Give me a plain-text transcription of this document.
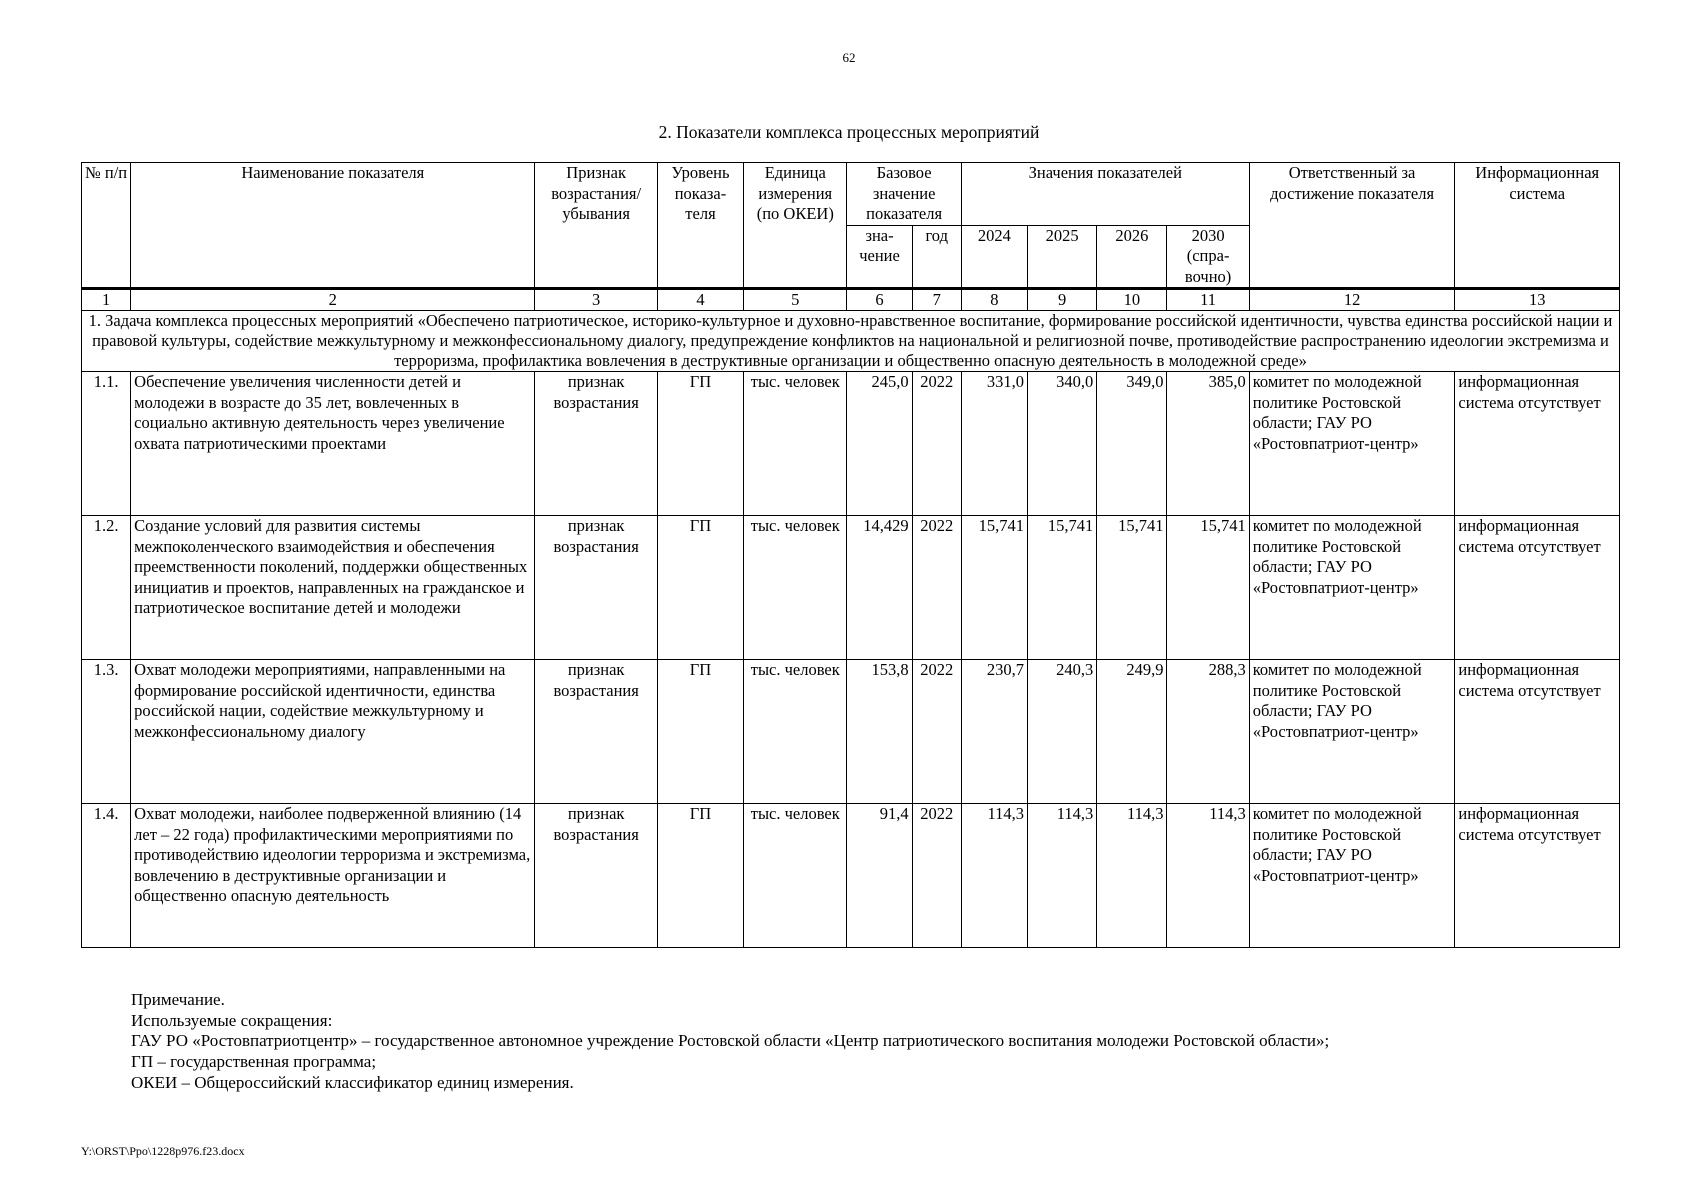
62
2. Показатели комплекса процессных мероприятий
№ п/п	Наименование показателя	Признак возрастания/ убывания	Уровень показа-теля	Единица измерения (по ОКЕИ)	Базовое значение показателя		Значения показателей				Ответственный за достижение показателя	Информационная система
					зна-чение	год	2024	2025	2026	2030 (спра-вочно)		
1	2	3	4	5	6	7	8	9	10	11	12	13
1. Задача комплекса процессных мероприятий «Обеспечено патриотическое, историко-культурное и духовно-нравственное воспитание, формирование российской идентичности, чувства единства российской нации и правовой культуры, содействие межкультурному и межконфессиональному диалогу, предупреждение конфликтов на национальной и религиозной почве, противодействие распространению идеологии экстремизма и терроризма, профилактика вовлечения в деструктивные организации и общественно опасную деятельность в молодежной среде»												
1.1.	Обеспечение увеличения численности детей и молодежи в возрасте до 35 лет, вовлеченных в социально активную деятельность через увеличение охвата патриотическими проектами	признак возрастания	ГП	тыс. человек	245,0	2022	331,0	340,0	349,0	385,0	комитет по молодежной политике Ростовской области; ГАУ РО «Ростовпатриот-центр»	информационная система отсутствует
1.2.	Создание условий для развития системы межпоколенческого взаимодействия и обеспечения преемственности поколений, поддержки общественных инициатив и проектов, направленных на гражданское и патриотическое воспитание детей и молодежи	признак возрастания	ГП	тыс. человек	14,429	2022	15,741	15,741	15,741	15,741	комитет по молодежной политике Ростовской области; ГАУ РО «Ростовпатриот-центр»	информационная система отсутствует
1.3.	Охват молодежи мероприятиями, направленными на формирование российской идентичности, единства российской нации, содействие межкультурному и межконфессиональному диалогу	признак возрастания	ГП	тыс. человек	153,8	2022	230,7	240,3	249,9	288,3	комитет по молодежной политике Ростовской области; ГАУ РО «Ростовпатриот-центр»	информационная система отсутствует
1.4.	Охват молодежи, наиболее подверженной влиянию (14 лет – 22 года) профилактическими мероприятиями по противодействию идеологии терроризма и экстремизма, вовлечению в деструктивные организации и общественно опасную деятельность	признак возрастания	ГП	тыс. человек	91,4	2022	114,3	114,3	114,3	114,3	комитет по молодежной политике Ростовской области; ГАУ РО «Ростовпатриот-центр»	информационная система отсутствует
Примечание.
Используемые сокращения:
ГАУ РО «Ростовпатриотцентр» – государственное автономное учреждение Ростовской области «Центр патриотического воспитания молодежи Ростовской области»;
ГП – государственная программа;
ОКЕИ – Общероссийский классификатор единиц измерения.
Y:\ORST\Ppo\1228p976.f23.docx
